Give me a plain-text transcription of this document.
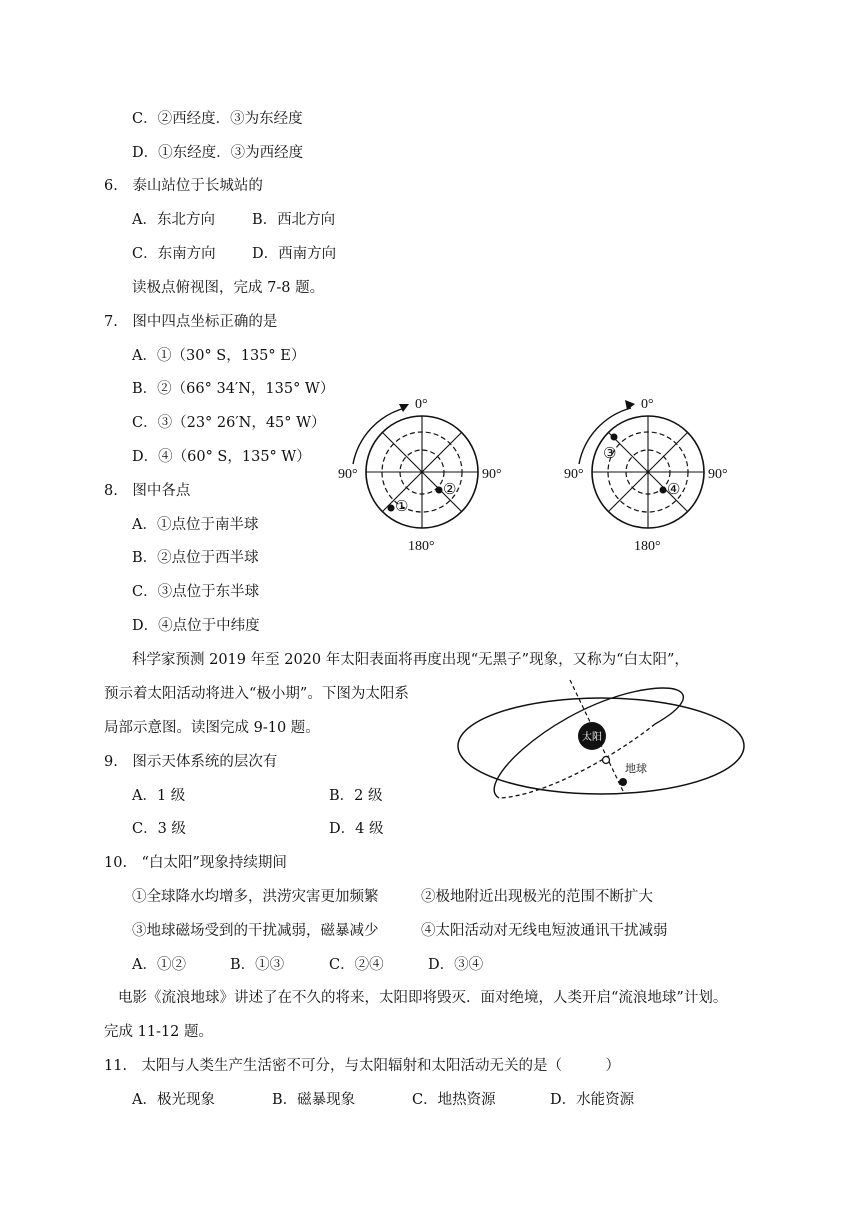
C．②西经度．③为东经度
D．①东经度．③为西经度
6.　泰山站位于长城站的
A．东北方向	B．西北方向
C．东南方向	D．西南方向
读极点俯视图，完成 7-8 题。
7.　图中四点坐标正确的是
A．①（30° S，135° E）
B．②（66° 34′N，135° W）
C．③（23° 26′N，45° W）
D．④（60° S，135° W）
8.　图中各点
A．①点位于南半球
B．②点位于西半球
C．③点位于东半球
D．④点位于中纬度
0°
90°	90°
180°
①
②
0°
90°	90°
180°
③
④
科学家预测 2019 年至 2020 年太阳表面将再度出现“无黑子”现象，又称为“白太阳”，
预示着太阳活动将进入“极小期”。下图为太阳系
局部示意图。读图完成 9-10 题。
太阳
地球
9.　图示天体系统的层次有
A．1 级	B．2 级
C．3 级	D．4 级
10.　“白太阳”现象持续期间
①全球降水均增多，洪涝灾害更加频繁	②极地附近出现极光的范围不断扩大
③地球磁场受到的干扰减弱，磁暴减少	④太阳活动对无线电短波通讯干扰减弱
A．①②	B．①③	C．②④	D．③④
电影《流浪地球》讲述了在不久的将来，太阳即将毁灭．面对绝境，人类开启“流浪地球”计划。
完成 11-12 题。
11.　太阳与人类生产生活密不可分，与太阳辐射和太阳活动无关的是（　　　）
A．极光现象	B．磁暴现象	C．地热资源	D．水能资源
